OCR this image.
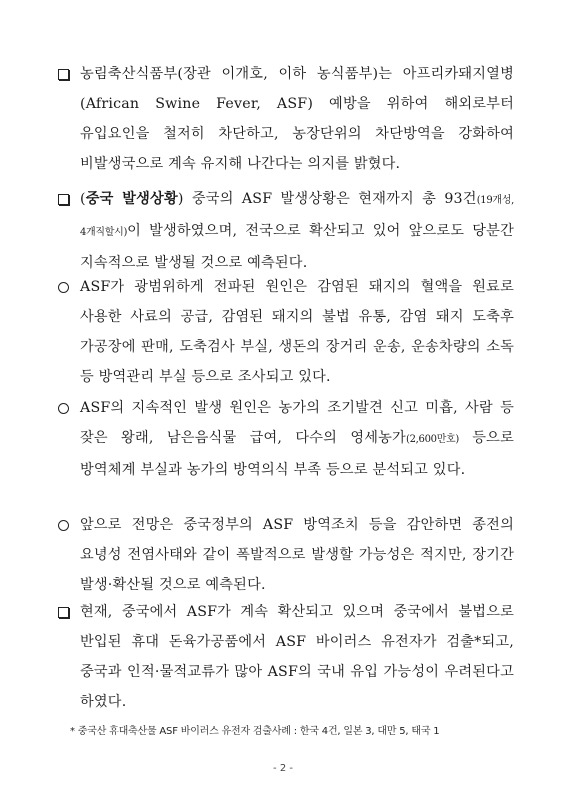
농림축산식품부(장관 이개호, 이하 농식품부)는 아프리카돼지열병(African Swine Fever, ASF) 예방을 위하여 해외로부터 유입요인을 철저히 차단하고, 농장단위의 차단방역을 강화하여 비발생국으로 계속 유지해 나간다는 의지를 밝혔다.
(중국 발생상황) 중국의 ASF 발생상황은 현재까지 총 93건(19개성, 4개직할시)이 발생하였으며, 전국으로 확산되고 있어 앞으로도 당분간 지속적으로 발생될 것으로 예측된다.
ASF가 광범위하게 전파된 원인은 감염된 돼지의 혈액을 원료로 사용한 사료의 공급, 감염된 돼지의 불법 유통, 감염 돼지 도축후 가공장에 판매, 도축검사 부실, 생돈의 장거리 운송, 운송차량의 소독 등 방역관리 부실 등으로 조사되고 있다.
ASF의 지속적인 발생 원인은 농가의 조기발견 신고 미흡, 사람 등 잦은 왕래, 남은음식물 급여, 다수의 영세농가(2,600만호) 등으로 방역체계 부실과 농가의 방역의식 부족 등으로 분석되고 있다.
앞으로 전망은 중국정부의 ASF 방역조치 등을 감안하면 종전의 요녕성 전염사태와 같이 폭발적으로 발생할 가능성은 적지만, 장기간 발생·확산될 것으로 예측된다.
현재, 중국에서 ASF가 계속 확산되고 있으며 중국에서 불법으로 반입된 휴대 돈육가공품에서 ASF 바이러스 유전자가 검출*되고, 중국과 인적·물적교류가 많아 ASF의 국내 유입 가능성이 우려된다고 하였다.
* 중국산 휴대축산물 ASF 바이러스 유전자 검출사례 : 한국 4건, 일본 3, 대만 5, 태국 1
- 2 -
